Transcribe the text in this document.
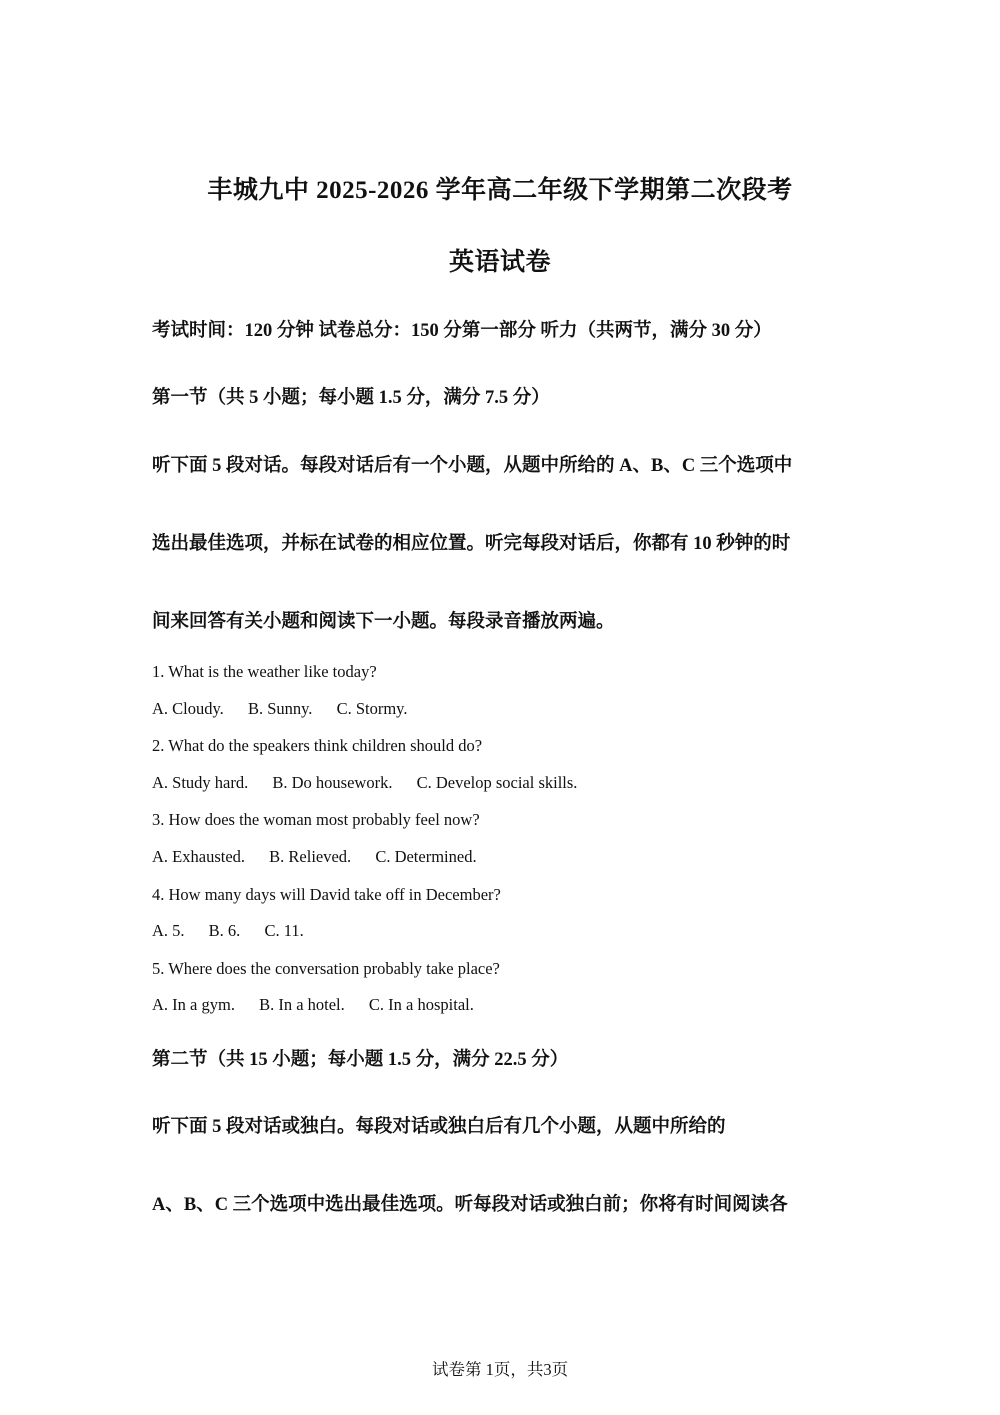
丰城九中 2025-2026 学年高二年级下学期第二次段考
英语试卷
考试时间：120 分钟 试卷总分：150 分第一部分 听力（共两节，满分 30 分）
第一节（共 5 小题；每小题 1.5 分，满分 7.5 分）
听下面 5 段对话。每段对话后有一个小题，从题中所给的 A、B、C 三个选项中
选出最佳选项，并标在试卷的相应位置。听完每段对话后，你都有 10 秒钟的时
间来回答有关小题和阅读下一小题。每段录音播放两遍。
1. What is the weather like today?
A. Cloudy. B. Sunny. C. Stormy.
2. What do the speakers think children should do?
A. Study hard. B. Do housework. C. Develop social skills.
3. How does the woman most probably feel now?
A. Exhausted. B. Relieved. C. Determined.
4. How many days will David take off in December?
A. 5. B. 6. C. 11.
5. Where does the conversation probably take place?
A. In a gym. B. In a hotel. C. In a hospital.
第二节（共 15 小题；每小题 1.5 分，满分 22.5 分）
听下面 5 段对话或独白。每段对话或独白后有几个小题，从题中所给的
A、B、C 三个选项中选出最佳选项。听每段对话或独白前；你将有时间阅读各
试卷第 1页，共3页
